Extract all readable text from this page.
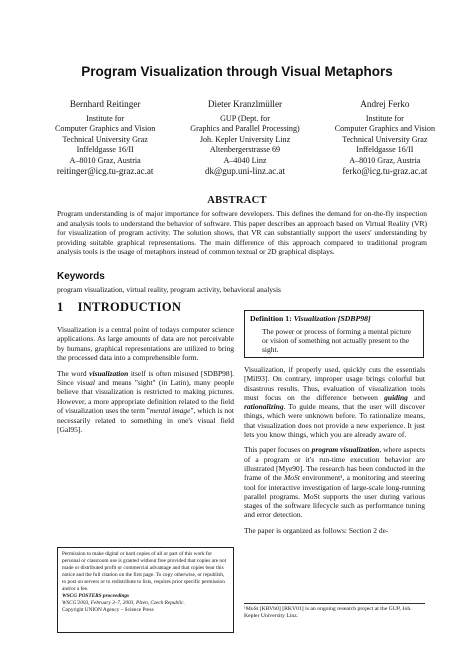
Program Visualization through Visual Metaphors
Bernhard Reitinger
Institute for
Computer Graphics and Vision
Technical University Graz
Inffeldgasse 16/II
A–8010 Graz, Austria
reitinger@icg.tu-graz.ac.at
Dieter Kranzlmüller
GUP (Dept. for
Graphics and Parallel Processing)
Joh. Kepler University Linz
Altenbergerstrasse 69
A–4040 Linz
dk@gup.uni-linz.ac.at
Andrej Ferko
Institute for
Computer Graphics and Vision
Technical University Graz
Inffeldgasse 16/II
A–8010 Graz, Austria
ferko@icg.tu-graz.ac.at
ABSTRACT
Program understanding is of major importance for software developers. This defines the demand for on-the-fly inspection and analysis tools to understand the behavior of software. This paper describes an approach based on Virtual Reality (VR) for visualization of program activity. The solution shows, that VR can substantially support the users' understanding by providing suitable graphical representations. The main difference of this approach compared to traditional program analysis tools is the usage of metaphors instead of common textual or 2D graphical displays.
Keywords
program visualization, virtual reality, program activity, behavioral analysis
1 INTRODUCTION

Visualization is a central point of todays computer science applications. As large amounts of data are not perceivable by humans, graphical representations are utilized to bring the processed data into a comprehensible form.

The word visualization itself is often misused [SDBP98]. Since visual and means "sight" (in Latin), many people believe that visualization is restricted to making pictures. However, a more appropriate definition related to the field of visualization uses the term "mental image", which is not necessarily related to something in one's visual field [Gal95].

Permission to make digital or hard copies of all or part of this work for personal or classroom use is granted without free provided that copies are not made or distributed profit or commercial advantage and that copies bear this notice and the full citation on the first page. To copy otherwise, or republish, to post on servers or to redistribute to lists, requires prior specific permission and/or a fee.
WSCG POSTERS proceedings
WSCG'2003, February 3–7, 2003, Plzen, Czech Republic.
Copyright UNION Agency – Science Press
Definition 1: Visualization [SDBP98]
The power or process of forming a mental picture or vision of something not actually present to the sight.

Visualization, if properly used, quickly cuts the essentials [Mil93]. On contrary, improper usage brings colorful but disastrous results. Thus, evaluation of visualization tools must focus on the difference between guiding and rationalizing. To guide means, that the user will discover things, which were unknown before. To rationalize means, that visualization does not provide a new experience. It just lets you know things, which you are already aware of.

This paper focuses on program visualization, where aspects of a program or it's run-time execution behavior are illustrated [Mye90]. The research has been conducted in the frame of the MoSt environment¹, a monitoring and steering tool for interactive investigation of large-scale long-running parallel programs. MoSt supports the user during various stages of the software lifecycle such as performance tuning and error detection.

The paper is organized as follows: Section 2 de-

¹MoSt [KRVb0] [RKV01] is an ongoing research project at the GUP, Joh. Kepler University Linz.
